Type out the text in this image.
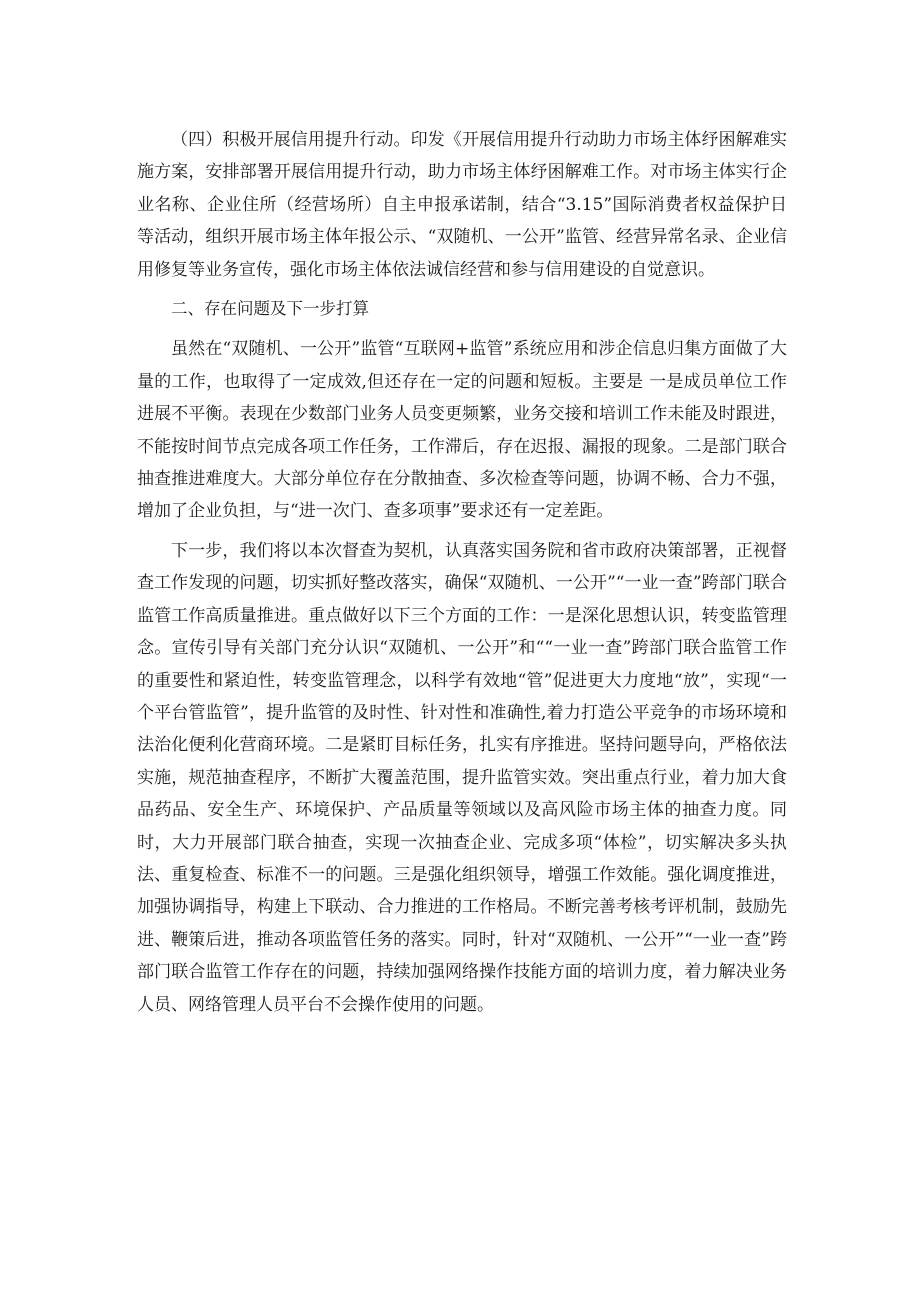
（四）积极开展信用提升行动。印发《开展信用提升行动助力市场主体纾困解难实施方案，安排部署开展信用提升行动，助力市场主体纾困解难工作。对市场主体实行企业名称、企业住所（经营场所）自主申报承诺制，结合“3.15”国际消费者权益保护日等活动，组织开展市场主体年报公示、“双随机、一公开”监管、经营异常名录、企业信用修复等业务宣传，强化市场主体依法诚信经营和参与信用建设的自觉意识。

二、存在问题及下一步打算

虽然在“双随机、一公开”监管“互联网+监管”系统应用和涉企信息归集方面做了大量的工作，也取得了一定成效,但还存在一定的问题和短板。主要是 一是成员单位工作进展不平衡。表现在少数部门业务人员变更频繁，业务交接和培训工作未能及时跟进，不能按时间节点完成各项工作任务，工作滞后，存在迟报、漏报的现象。二是部门联合抽查推进难度大。大部分单位存在分散抽查、多次检查等问题，协调不畅、合力不强，增加了企业负担，与“进一次门、查多项事”要求还有一定差距。

下一步，我们将以本次督查为契机，认真落实国务院和省市政府决策部署，正视督查工作发现的问题，切实抓好整改落实，确保“双随机、一公开”“一业一查”跨部门联合监管工作高质量推进。重点做好以下三个方面的工作：一是深化思想认识，转变监管理念。宣传引导有关部门充分认识“双随机、一公开”和““一业一查”跨部门联合监管工作的重要性和紧迫性，转变监管理念，以科学有效地“管”促进更大力度地“放”，实现“一个平台管监管”，提升监管的及时性、针对性和准确性,着力打造公平竞争的市场环境和法治化便利化营商环境。二是紧盯目标任务，扎实有序推进。坚持问题导向，严格依法实施，规范抽查程序，不断扩大覆盖范围，提升监管实效。突出重点行业，着力加大食品药品、安全生产、环境保护、产品质量等领域以及高风险市场主体的抽查力度。同时，大力开展部门联合抽查，实现一次抽查企业、完成多项“体检”，切实解决多头执法、重复检查、标准不一的问题。三是强化组织领导，增强工作效能。强化调度推进，加强协调指导，构建上下联动、合力推进的工作格局。不断完善考核考评机制，鼓励先进、鞭策后进，推动各项监管任务的落实。同时，针对“双随机、一公开”“一业一查”跨部门联合监管工作存在的问题，持续加强网络操作技能方面的培训力度，着力解决业务人员、网络管理人员平台不会操作使用的问题。
